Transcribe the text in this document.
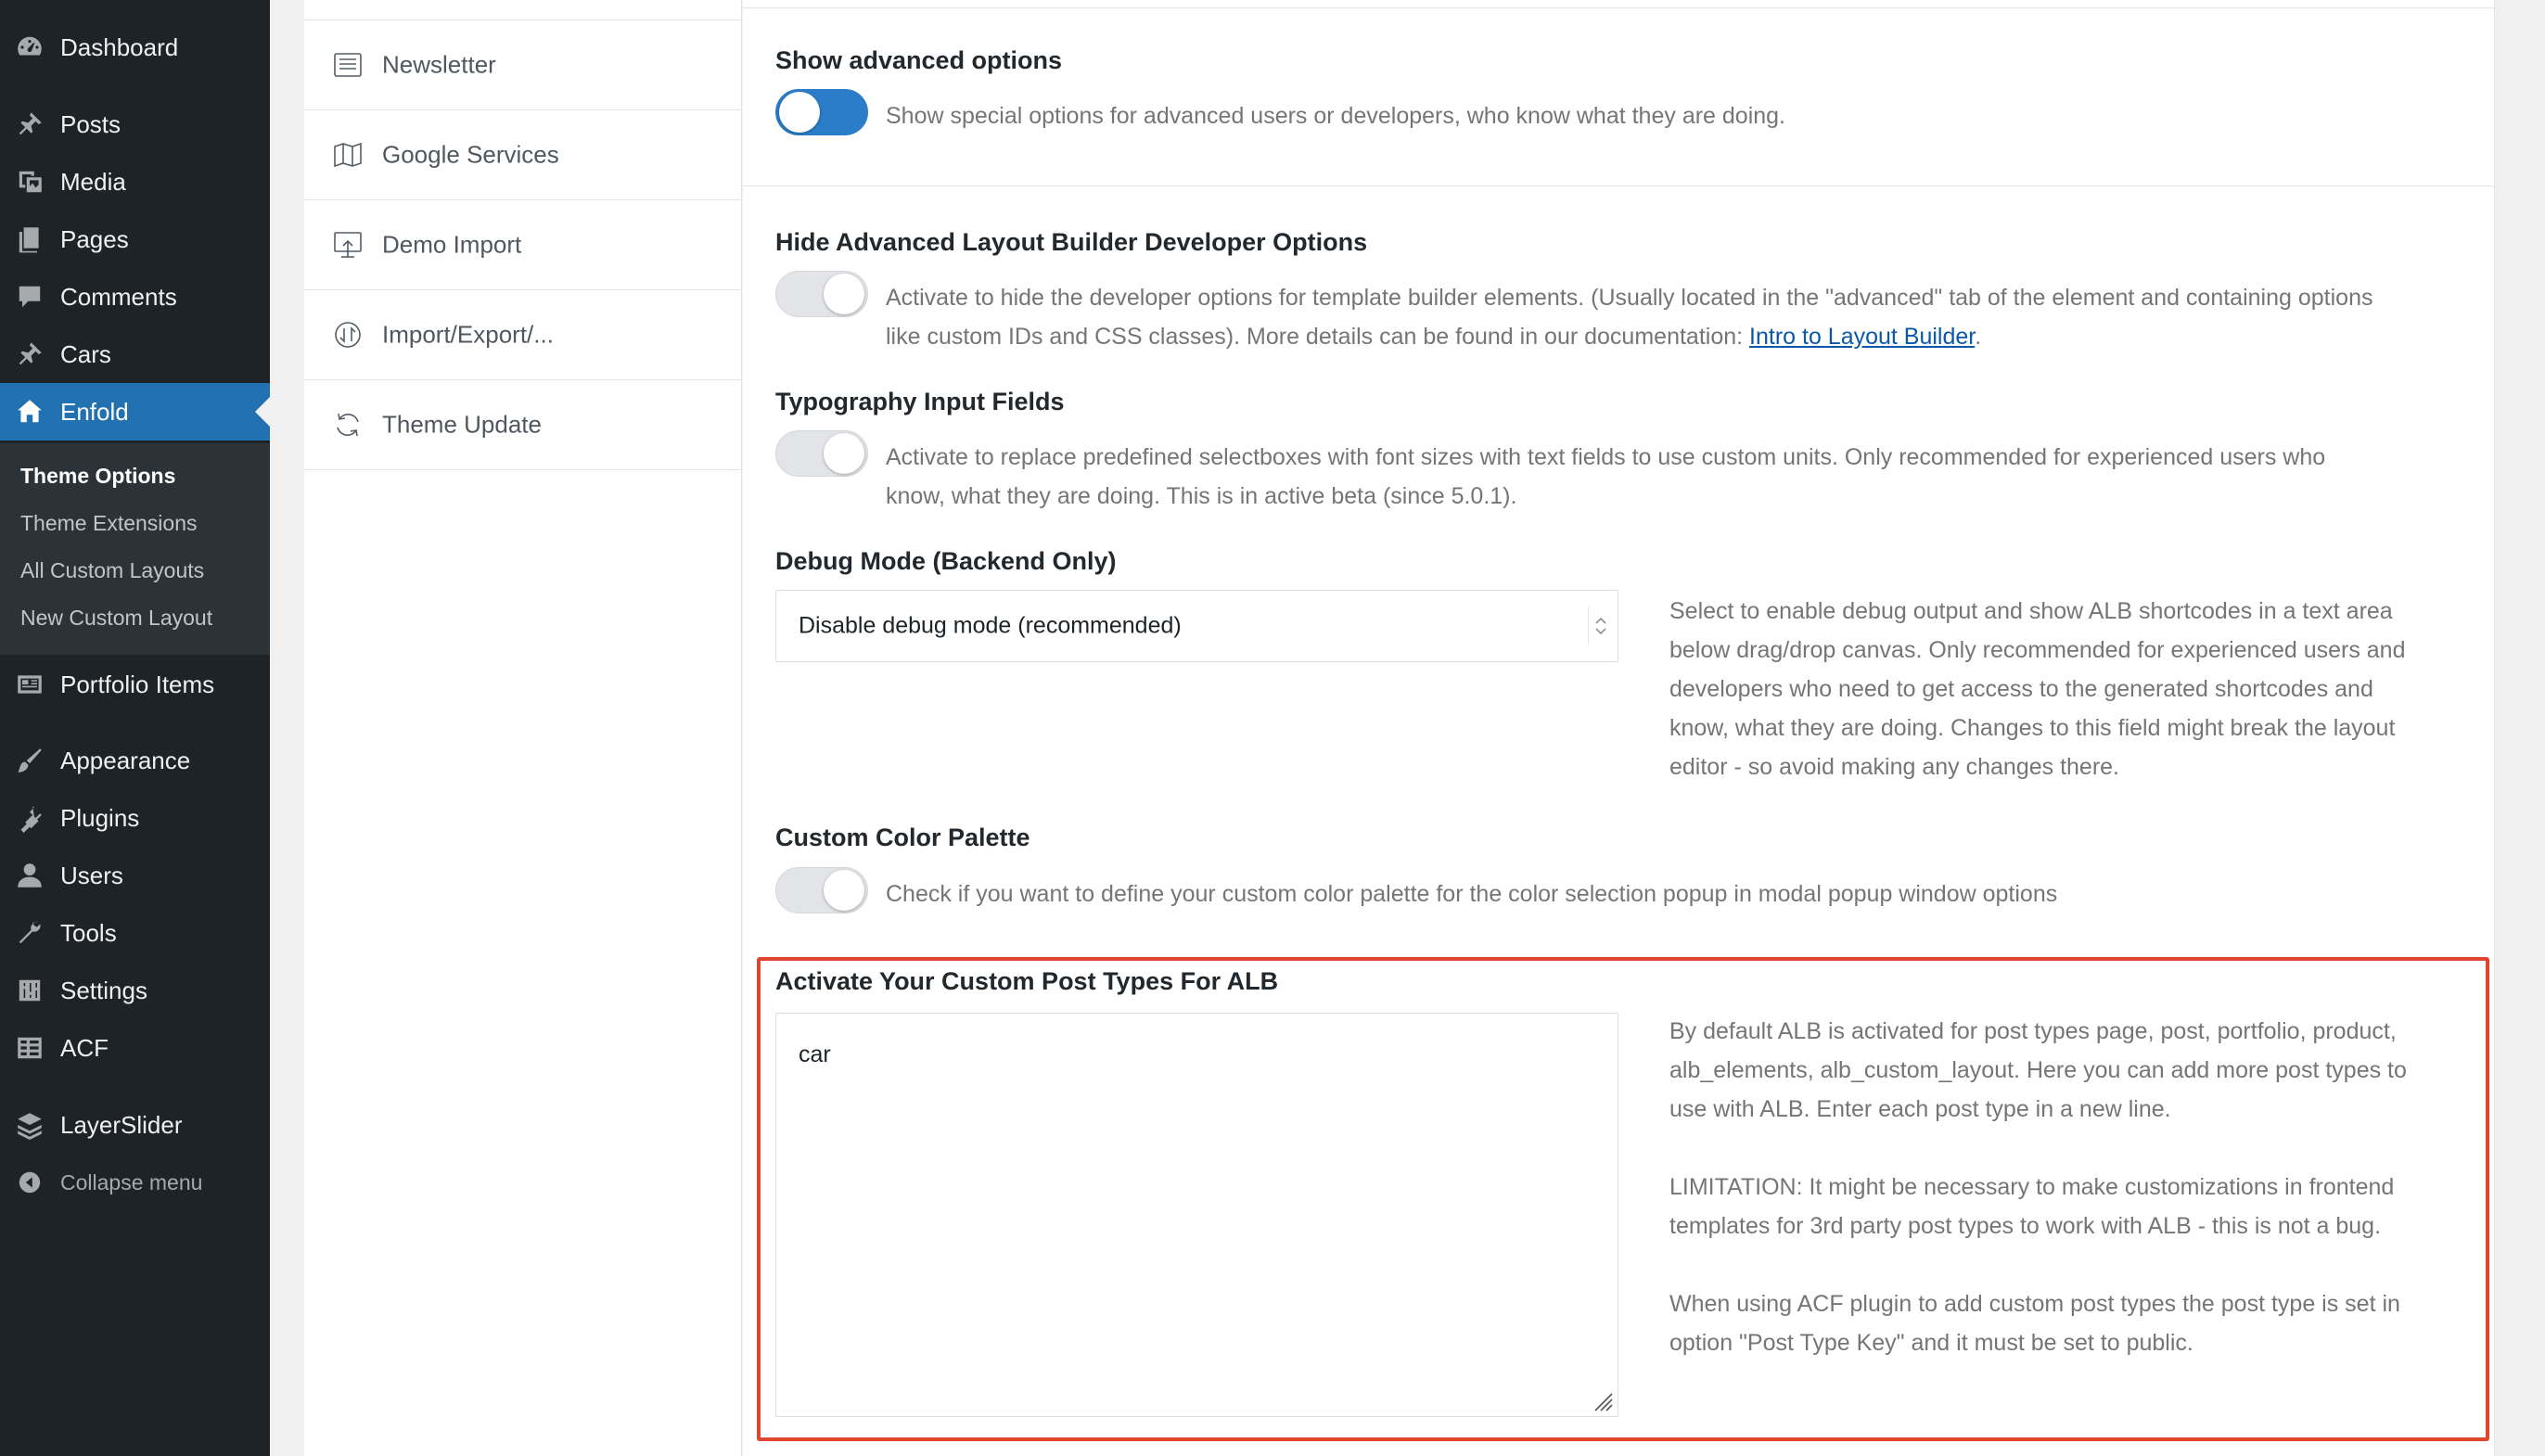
Dashboard
Posts
Media
Pages
Comments
Cars
Enfold
Theme Options
Theme Extensions
All Custom Layouts
New Custom Layout
Portfolio Items
Appearance
Plugins
Users
Tools
Settings
ACF
LayerSlider
Collapse menu
Newsletter
Google Services
Demo Import
Import/Export/...
Theme Update
Show advanced options
Show special options for advanced users or developers, who know what they are doing.
Hide Advanced Layout Builder Developer Options
Activate to hide the developer options for template builder elements. (Usually located in the "advanced" tab of the element and containing options
like custom IDs and CSS classes). More details can be found in our documentation: Intro to Layout Builder.
Typography Input Fields
Activate to replace predefined selectboxes with font sizes with text fields to use custom units. Only recommended for experienced users who
know, what they are doing. This is in active beta (since 5.0.1).
Debug Mode (Backend Only)
Disable debug mode (recommended)
Select to enable debug output and show ALB shortcodes in a text area
below drag/drop canvas. Only recommended for experienced users and
developers who need to get access to the generated shortcodes and
know, what they are doing. Changes to this field might break the layout
editor - so avoid making any changes there.
Custom Color Palette
Check if you want to define your custom color palette for the color selection popup in modal popup window options
Activate Your Custom Post Types For ALB
car
By default ALB is activated for post types page, post, portfolio, product,
alb_elements, alb_custom_layout. Here you can add more post types to
use with ALB. Enter each post type in a new line.
LIMITATION: It might be necessary to make customizations in frontend
templates for 3rd party post types to work with ALB - this is not a bug.
When using ACF plugin to add custom post types the post type is set in
option "Post Type Key" and it must be set to public.
